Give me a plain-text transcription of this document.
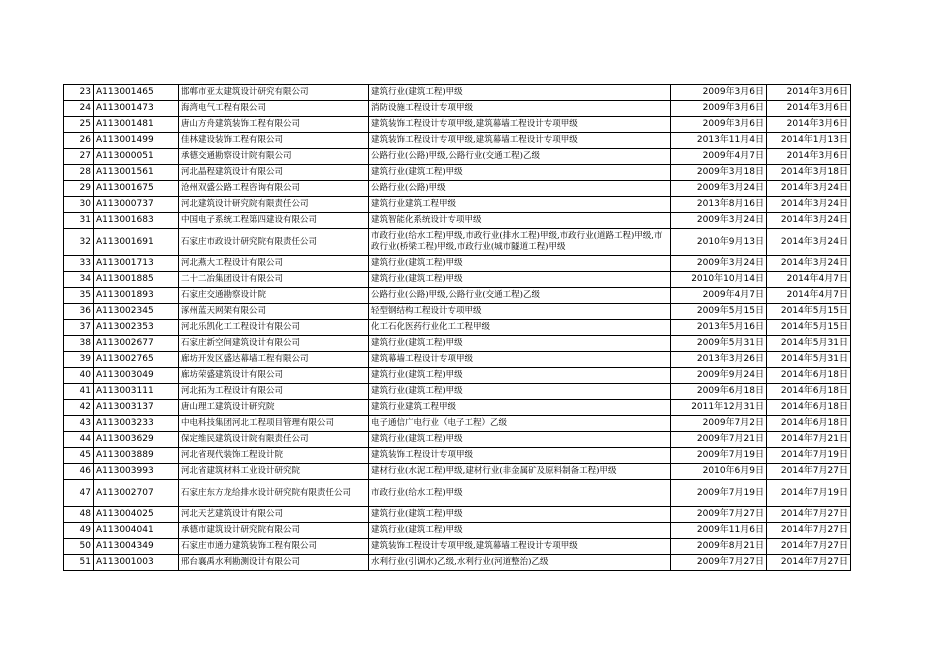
23	A113001465	邯郸市亚太建筑设计研究有限公司	建筑行业(建筑工程)甲级	2009年3月6日	2014年3月6日
24	A113001473	海湾电气工程有限公司	消防设施工程设计专项甲级	2009年3月6日	2014年3月6日
25	A113001481	唐山方舟建筑装饰工程有限公司	建筑装饰工程设计专项甲级,建筑幕墙工程设计专项甲级	2009年3月6日	2014年3月6日
26	A113001499	佳林建设装饰工程有限公司	建筑装饰工程设计专项甲级,建筑幕墙工程设计专项甲级	2013年11月4日	2014年1月13日
27	A113000051	承德交通勘察设计院有限公司	公路行业(公路)甲级,公路行业(交通工程)乙级	2009年4月7日	2014年3月6日
28	A113001561	河北晶程建筑设计有限公司	建筑行业(建筑工程)甲级	2009年3月18日	2014年3月18日
29	A113001675	沧州双盛公路工程咨询有限公司	公路行业(公路)甲级	2009年3月24日	2014年3月24日
30	A113000737	河北建筑设计研究院有限责任公司	建筑行业建筑工程甲级	2013年8月16日	2014年3月24日
31	A113001683	中国电子系统工程第四建设有限公司	建筑智能化系统设计专项甲级	2009年3月24日	2014年3月24日
32	A113001691	石家庄市政设计研究院有限责任公司	市政行业(给水工程)甲级,市政行业(排水工程)甲级,市政行业(道路工程)甲级,市政行业(桥梁工程)甲级,市政行业(城市隧道工程)甲级	2010年9月13日	2014年3月24日
33	A113001713	河北燕大工程设计有限公司	建筑行业(建筑工程)甲级	2009年3月24日	2014年3月24日
34	A113001885	二十二冶集团设计有限公司	建筑行业(建筑工程)甲级	2010年10月14日	2014年4月7日
35	A113001893	石家庄交通勘察设计院	公路行业(公路)甲级,公路行业(交通工程)乙级	2009年4月7日	2014年4月7日
36	A113002345	涿州蓝天网架有限公司	轻型钢结构工程设计专项甲级	2009年5月15日	2014年5月15日
37	A113002353	河北乐凯化工工程设计有限公司	化工石化医药行业化工工程甲级	2013年5月16日	2014年5月15日
38	A113002677	石家庄新空间建筑设计有限公司	建筑行业(建筑工程)甲级	2009年5月31日	2014年5月31日
39	A113002765	廊坊开发区盛达幕墙工程有限公司	建筑幕墙工程设计专项甲级	2013年3月26日	2014年5月31日
40	A113003049	廊坊荣盛建筑设计有限公司	建筑行业(建筑工程)甲级	2009年9月24日	2014年6月18日
41	A113003111	河北拓为工程设计有限公司	建筑行业(建筑工程)甲级	2009年6月18日	2014年6月18日
42	A113003137	唐山理工建筑设计研究院	建筑行业建筑工程甲级	2011年12月31日	2014年6月18日
43	A113003233	中电科技集团河北工程项目管理有限公司	电子通信广电行业（电子工程）乙级	2009年7月2日	2014年6月18日
44	A113003629	保定维民建筑设计院有限责任公司	建筑行业(建筑工程)甲级	2009年7月21日	2014年7月21日
45	A113003889	河北省现代装饰工程设计院	建筑装饰工程设计专项甲级	2009年7月19日	2014年7月19日
46	A113003993	河北省建筑材料工业设计研究院	建材行业(水泥工程)甲级,建材行业(非金属矿及原料制备工程)甲级	2010年6月9日	2014年7月27日
47	A113002707	石家庄东方龙给排水设计研究院有限责任公司	市政行业(给水工程)甲级	2009年7月19日	2014年7月19日
48	A113004025	河北天艺建筑设计有限公司	建筑行业(建筑工程)甲级	2009年7月27日	2014年7月27日
49	A113004041	承德市建筑设计研究院有限公司	建筑行业(建筑工程)甲级	2009年11月6日	2014年7月27日
50	A113004349	石家庄市通力建筑装饰工程有限公司	建筑装饰工程设计专项甲级,建筑幕墙工程设计专项甲级	2009年8月21日	2014年7月27日
51	A113001003	邢台襄禹水利勘测设计有限公司	水利行业(引调水)乙级,水利行业(河道整治)乙级	2009年7月27日	2014年7月27日
